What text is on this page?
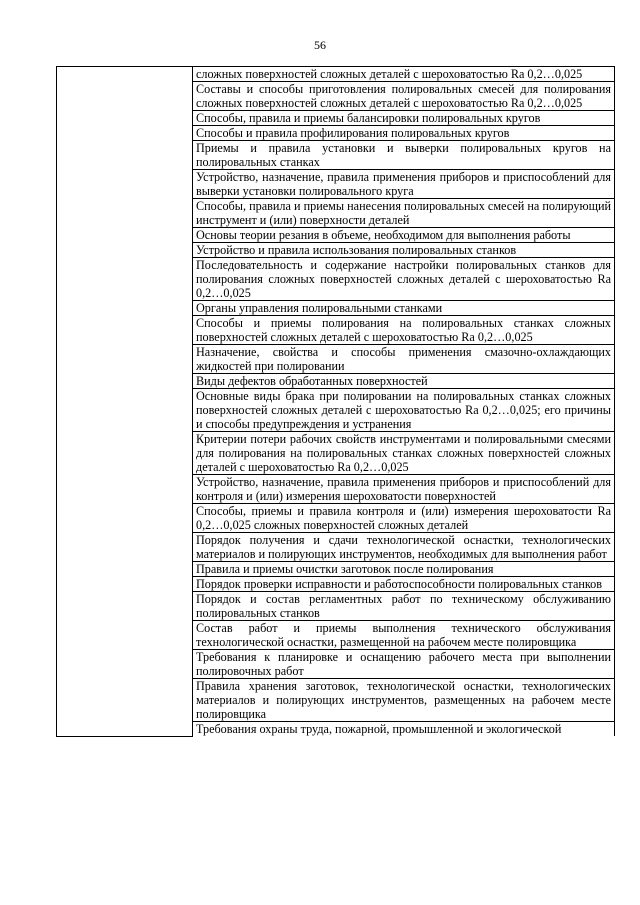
56
	сложных поверхностей сложных деталей с шероховатостью Ra 0,2…0,025
Составы и способы приготовления полировальных смесей для полирования сложных поверхностей сложных деталей с шероховатостью Ra 0,2…0,025
Способы, правила и приемы балансировки полировальных кругов
Способы и правила профилирования полировальных кругов
Приемы и правила установки и выверки полировальных кругов на полировальных станках
Устройство, назначение, правила применения приборов и приспособлений для выверки установки полировального круга
Способы, правила и приемы нанесения полировальных смесей на полирующий инструмент и (или) поверхности деталей
Основы теории резания в объеме, необходимом для выполнения работы
Устройство и правила использования полировальных станков
Последовательность и содержание настройки полировальных станков для полирования сложных поверхностей сложных деталей с шероховатостью Ra 0,2…0,025
Органы управления полировальными станками
Способы и приемы полирования на полировальных станках сложных поверхностей сложных деталей с шероховатостью Ra 0,2…0,025
Назначение, свойства и способы применения смазочно-охлаждающих жидкостей при полировании
Виды дефектов обработанных поверхностей
Основные виды брака при полировании на полировальных станках сложных поверхностей сложных деталей с шероховатостью Ra 0,2…0,025; его причины и способы предупреждения и устранения
Критерии потери рабочих свойств инструментами и полировальными смесями для полирования на полировальных станках сложных поверхностей сложных деталей с шероховатостью Ra 0,2…0,025
Устройство, назначение, правила применения приборов и приспособлений для контроля и (или) измерения шероховатости поверхностей
Способы, приемы и правила контроля и (или) измерения шероховатости Ra 0,2…0,025 сложных поверхностей сложных деталей
Порядок получения и сдачи технологической оснастки, технологических материалов и полирующих инструментов, необходимых для выполнения работ
Правила и приемы очистки заготовок после полирования
Порядок проверки исправности и работоспособности полировальных станков
Порядок и состав регламентных работ по техническому обслуживанию полировальных станков
Состав работ и приемы выполнения технического обслуживания технологической оснастки, размещенной на рабочем месте полировщика
Требования к планировке и оснащению рабочего места при выполнении полировочных работ
Правила хранения заготовок, технологической оснастки, технологических материалов и полирующих инструментов, размещенных на рабочем месте полировщика
Требования охраны труда, пожарной, промышленной и экологической
